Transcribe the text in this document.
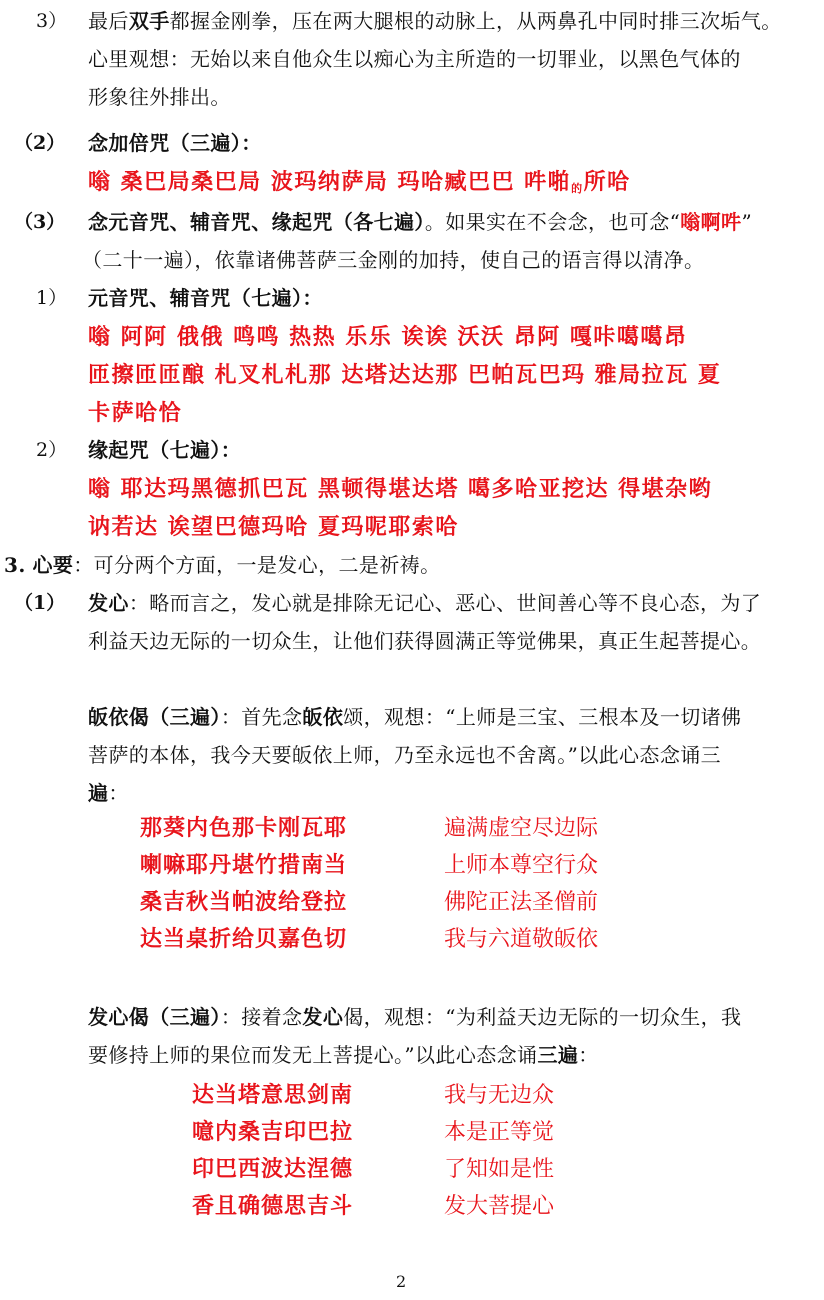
3） 最后双手都握金刚拳，压在两大腿根的动脉上，从两鼻孔中同时排三次垢气。
心里观想：无始以来自他众生以痴心为主所造的一切罪业，以黑色气体的
形象往外排出。
（2） 念加倍咒（三遍）：
嗡 桑巴局桑巴局 波玛纳萨局 玛哈臧巴巴 吽啪$_的$所哈
（3） 念元音咒、辅音咒、缘起咒（各七遍）。如果实在不会念，也可念“嗡啊吽”
（二十一遍），依靠诸佛菩萨三金刚的加持，使自己的语言得以清净。
1） 元音咒、辅音咒（七遍）：
嗡 阿阿 俄俄 鸣鸣 热热 乐乐 诶诶 沃沃 昂阿 嘎咔噶噶昂
匝擦匝匝酿 札叉札札那 达塔达达那 巴帕瓦巴玛 雅局拉瓦 夏
卡萨哈恰
2） 缘起咒（七遍）：
嗡 耶达玛黑德抓巴瓦 黑顿得堪达塔 噶多哈亚挖达 得堪杂哟
讷若达 诶望巴德玛哈 夏玛呢耶索哈
3. 心要：可分两个方面，一是发心，二是祈祷。
（1） 发心：略而言之，发心就是排除无记心、恶心、世间善心等不良心态，为了
利益天边无际的一切众生，让他们获得圆满正等觉佛果，真正生起菩提心。
皈依偈（三遍）：首先念皈依颂，观想：“上师是三宝、三根本及一切诸佛
菩萨的本体，我今天要皈依上师，乃至永远也不舍离。”以此心态念诵三
遍：
那葵内色那卡刚瓦耶
喇嘛耶丹堪竹措南当
桑吉秋当帕波给登拉
达当桌折给贝嘉色切
遍满虚空尽边际
上师本尊空行众
佛陀正法圣僧前
我与六道敬皈依
发心偈（三遍）：接着念发心偈，观想：“为利益天边无际的一切众生，我
要修持上师的果位而发无上菩提心。”以此心态念诵三遍：
达当塔意思剑南
噫内桑吉印巴拉
印巴西波达涅德
香且确德思吉斗
我与无边众
本是正等觉
了知如是性
发大菩提心
2
